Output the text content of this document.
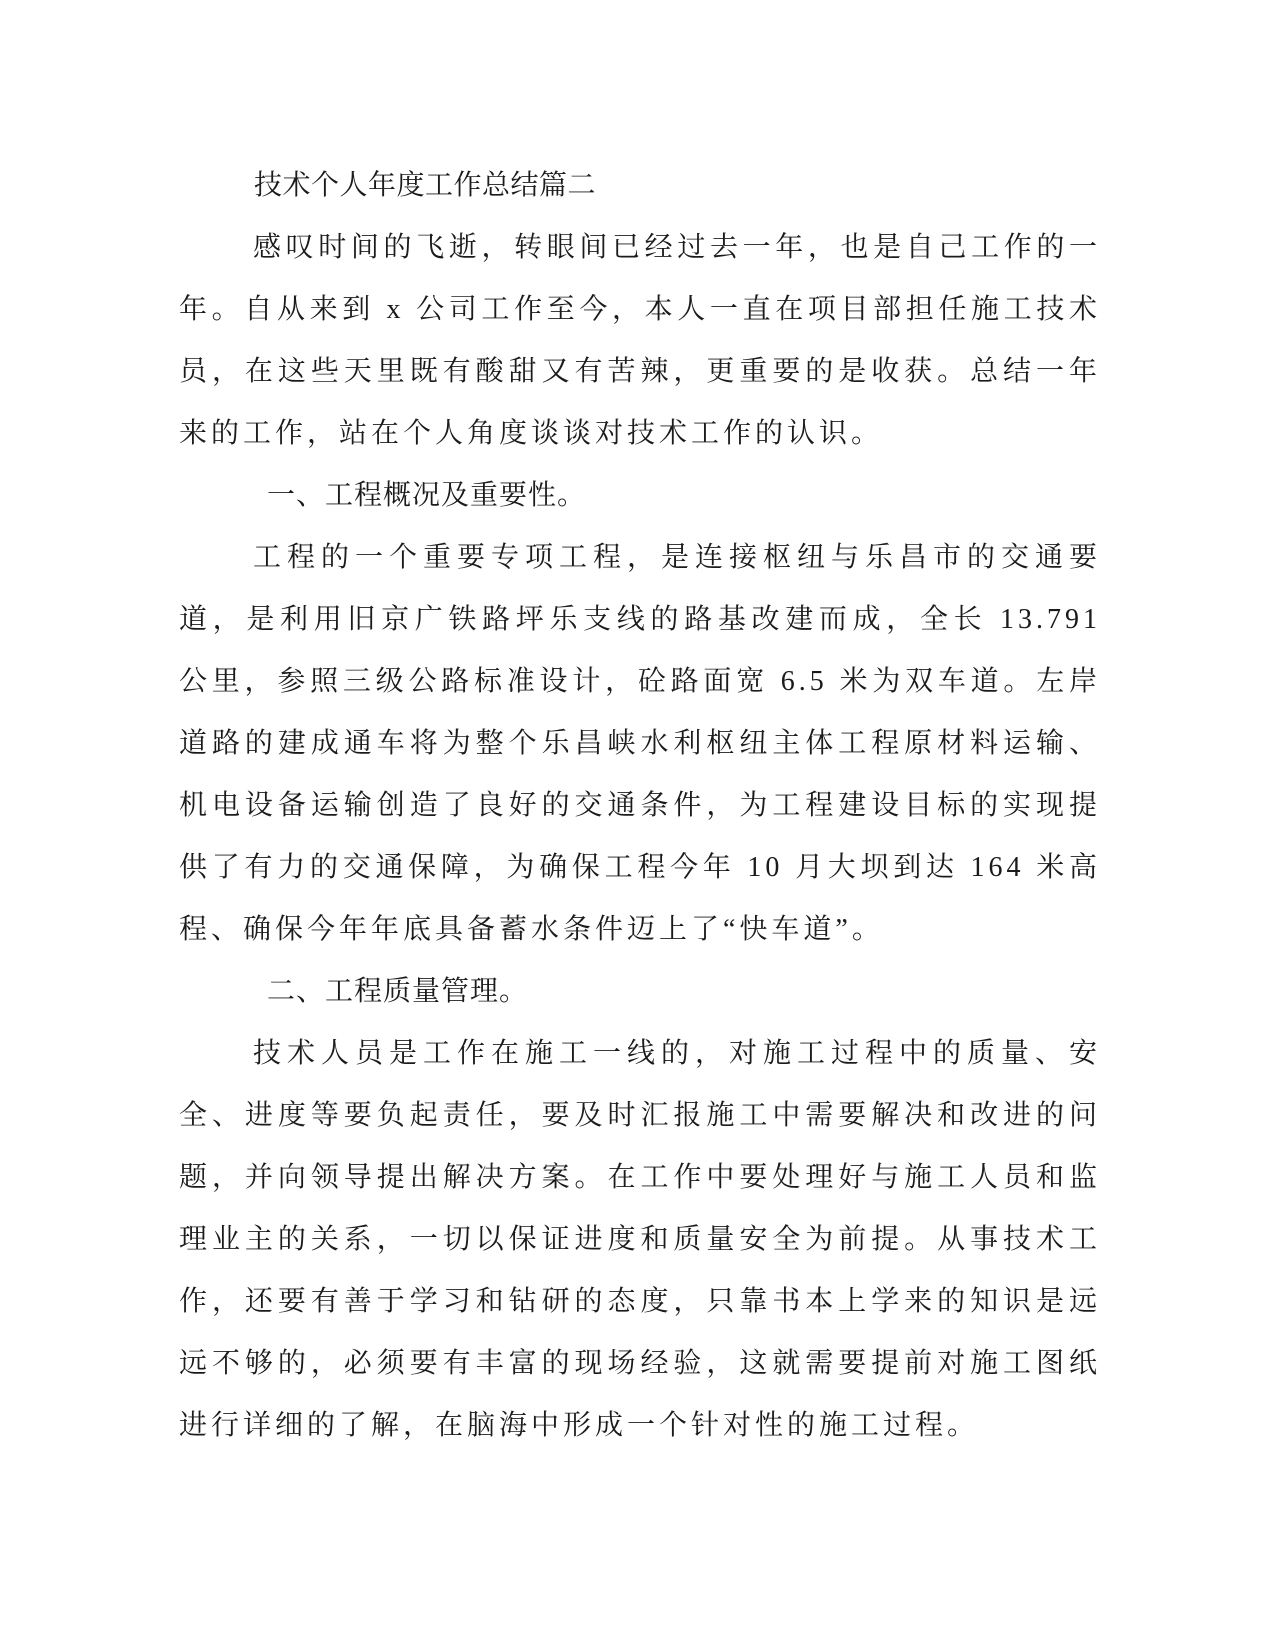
技术个人年度工作总结篇二

感叹时间的飞逝，转眼间已经过去一年，也是自己工作的一年。自从来到 x 公司工作至今，本人一直在项目部担任施工技术员，在这些天里既有酸甜又有苦辣，更重要的是收获。总结一年来的工作，站在个人角度谈谈对技术工作的认识。

一、工程概况及重要性。

工程的一个重要专项工程，是连接枢纽与乐昌市的交通要道，是利用旧京广铁路坪乐支线的路基改建而成，全长 13.791 公里，参照三级公路标准设计，砼路面宽 6.5 米为双车道。左岸道路的建成通车将为整个乐昌峡水利枢纽主体工程原材料运输、机电设备运输创造了良好的交通条件，为工程建设目标的实现提供了有力的交通保障，为确保工程今年 10 月大坝到达 164 米高程、确保今年年底具备蓄水条件迈上了“快车道”。

二、工程质量管理。

技术人员是工作在施工一线的，对施工过程中的质量、安全、进度等要负起责任，要及时汇报施工中需要解决和改进的问题，并向领导提出解决方案。在工作中要处理好与施工人员和监理业主的关系，一切以保证进度和质量安全为前提。从事技术工作，还要有善于学习和钻研的态度，只靠书本上学来的知识是远远不够的，必须要有丰富的现场经验，这就需要提前对施工图纸进行详细的了解，在脑海中形成一个针对性的施工过程。
